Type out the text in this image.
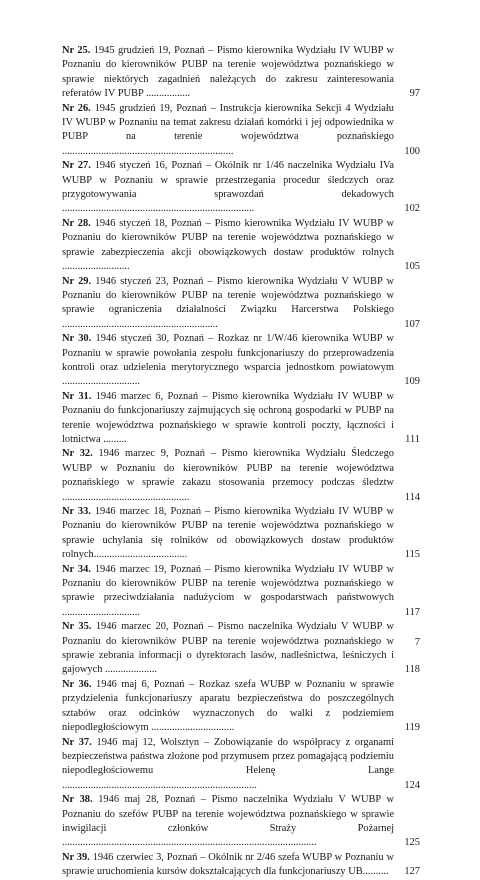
Nr 25. 1945 grudzień 19, Poznań – Pismo kierownika Wydziału IV WUBP w Poznaniu do kierowników PUBP na terenie województwa poznańskiego w sprawie niektórych zagadnień należących do zakresu zainteresowania referatów IV PUBP .................	97

Nr 26. 1945 grudzień 19, Poznań – Instrukcja kierownika Sekcji 4 Wydziału IV WUBP w Poznaniu na temat zakresu działań komórki i jej odpowiednika w PUBP na terenie województwa poznańskiego ..................................................................	100

Nr 27. 1946 styczeń 16, Poznań – Okólnik nr 1/46 naczelnika Wydziału IVa WUBP w Poznaniu w sprawie przestrzegania procedur śledczych oraz przygotowywania sprawozdań dekadowych ..........................................................................	102

Nr 28. 1946 styczeń 18, Poznań – Pismo kierownika Wydziału IV WUBP w Poznaniu do kierowników PUBP na terenie województwa poznańskiego w sprawie zabezpieczenia akcji obowiązkowych dostaw produktów rolnych ..........................	105

Nr 29. 1946 styczeń 23, Poznań – Pismo kierownika Wydziału V WUBP w Poznaniu do kierowników PUBP na terenie województwa poznańskiego w sprawie ograniczenia działalności Związku Harcerstwa Polskiego ............................................................	107

Nr 30. 1946 styczeń 30, Poznań – Rozkaz nr 1/W/46 kierownika WUBP w Poznaniu w sprawie powołania zespołu funkcjonariuszy do przeprowadzenia kontroli oraz udzielenia merytorycznego wsparcia jednostkom powiatowym ..............................	109

Nr 31. 1946 marzec 6, Poznań – Pismo kierownika Wydziału IV WUBP w Poznaniu do funkcjonariuszy zajmujących się ochroną gospodarki w PUBP na terenie województwa poznańskiego w sprawie kontroli poczty, łączności i lotnictwa .........	111

Nr 32. 1946 marzec 9, Poznań – Pismo kierownika Wydziału Śledczego WUBP w Poznaniu do kierowników PUBP na terenie województwa poznańskiego w sprawie zakazu stosowania przemocy podczas śledztw .................................................	114

Nr 33. 1946 marzec 18, Poznań – Pismo kierownika Wydziału IV WUBP w Poznaniu do kierowników PUBP na terenie województwa poznańskiego w sprawie uchylania się rolników od obowiązkowych dostaw produktów rolnych....................................	115

Nr 34. 1946 marzec 19, Poznań – Pismo kierownika Wydziału IV WUBP w Poznaniu do kierowników PUBP na terenie województwa poznańskiego w sprawie przeciwdziałania nadużyciom w gospodarstwach państwowych ..............................	117

Nr 35. 1946 marzec 20, Poznań – Pismo naczelnika Wydziału V WUBP w Poznaniu do kierowników PUBP na terenie województwa poznańskiego w sprawie zebrania informacji o dyrektorach lasów, nadleśnictwa, leśniczych i gajowych ....................	118

Nr 36. 1946 maj 6, Poznań – Rozkaz szefa WUBP w Poznaniu w sprawie przydzielenia funkcjonariuszy aparatu bezpieczeństwa do poszczególnych sztabów oraz odcinków wyznaczonych do walki z podziemiem niepodległościowym ................................	119

Nr 37. 1946 maj 12, Wolsztyn – Zobowiązanie do współpracy z organami bezpieczeństwa państwa złożone pod przymusem przez pomagającą podziemiu niepodległościowemu Helenę Lange ...........................................................................	124

Nr 38. 1946 maj 28, Poznań – Pismo naczelnika Wydziału V WUBP w Poznaniu do szefów PUBP na terenie województwa poznańskiego w sprawie inwigilacji członków Straży Pożarnej ..................................................................................................	125

Nr 39. 1946 czerwiec 3, Poznań – Okólnik nr 2/46 szefa WUBP w Poznaniu w sprawie uruchomienia kursów dokształcających dla funkcjonariuszy UB.......... 127

7
